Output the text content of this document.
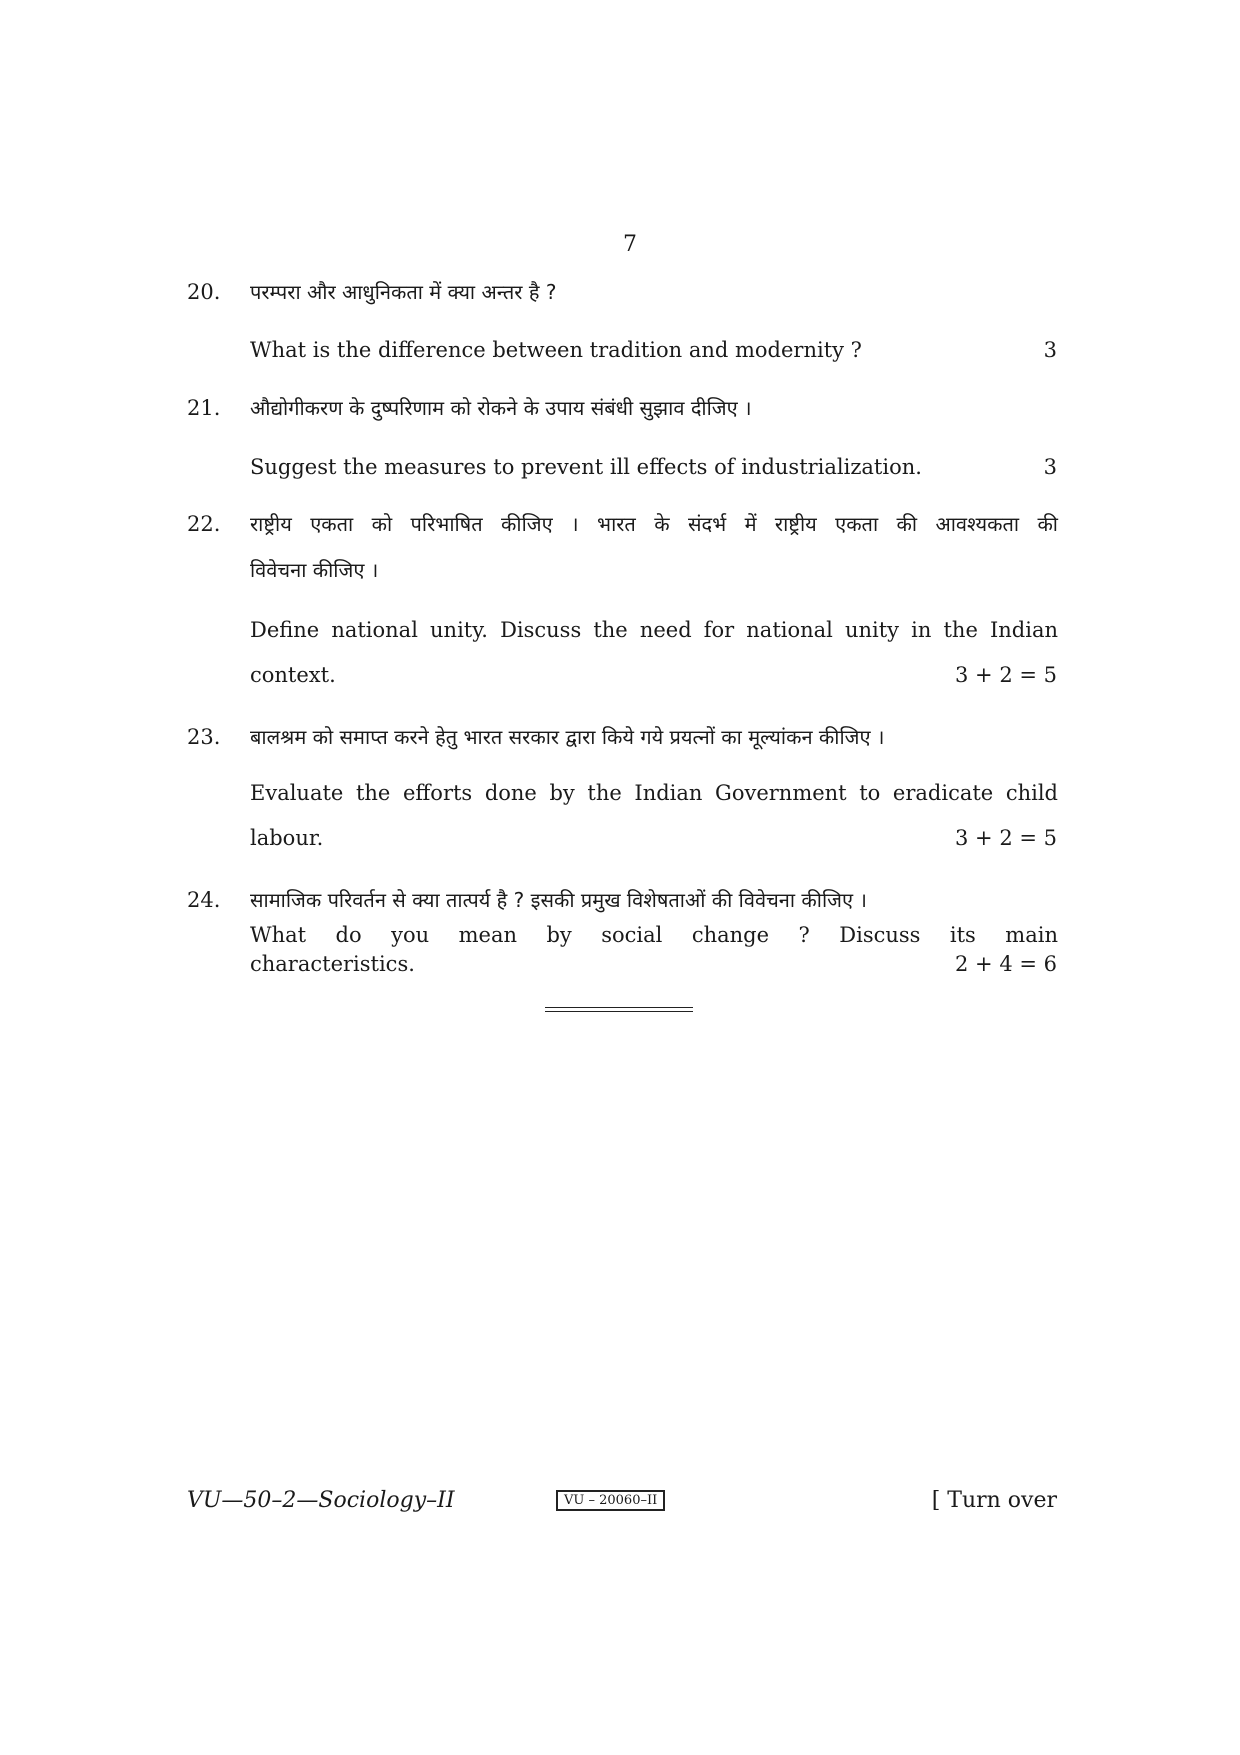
7
20. परम्परा और आधुनिकता में क्या अन्तर है ?
What is the difference between tradition and modernity ?	3
21. औद्योगीकरण के दुष्परिणाम को रोकने के उपाय संबंधी सुझाव दीजिए ।
Suggest the measures to prevent ill effects of industrialization.	3
22. राष्ट्रीय एकता को परिभाषित कीजिए । भारत के संदर्भ में राष्ट्रीय एकता की आवश्यकता की
विवेचना कीजिए ।
Define national unity. Discuss the need for national unity in the Indian
context.	3 + 2 = 5
23. बालश्रम को समाप्त करने हेतु भारत सरकार द्वारा किये गये प्रयत्नों का मूल्यांकन कीजिए ।
Evaluate the efforts done by the Indian Government to eradicate child
labour.	3 + 2 = 5
24. सामाजिक परिवर्तन से क्या तात्पर्य है ? इसकी प्रमुख विशेषताओं की विवेचना कीजिए ।
What do you mean by social change ? Discuss its main
characteristics.	2 + 4 = 6
VU—50–2—Sociology–II	VU – 20060–II	[ Turn over
